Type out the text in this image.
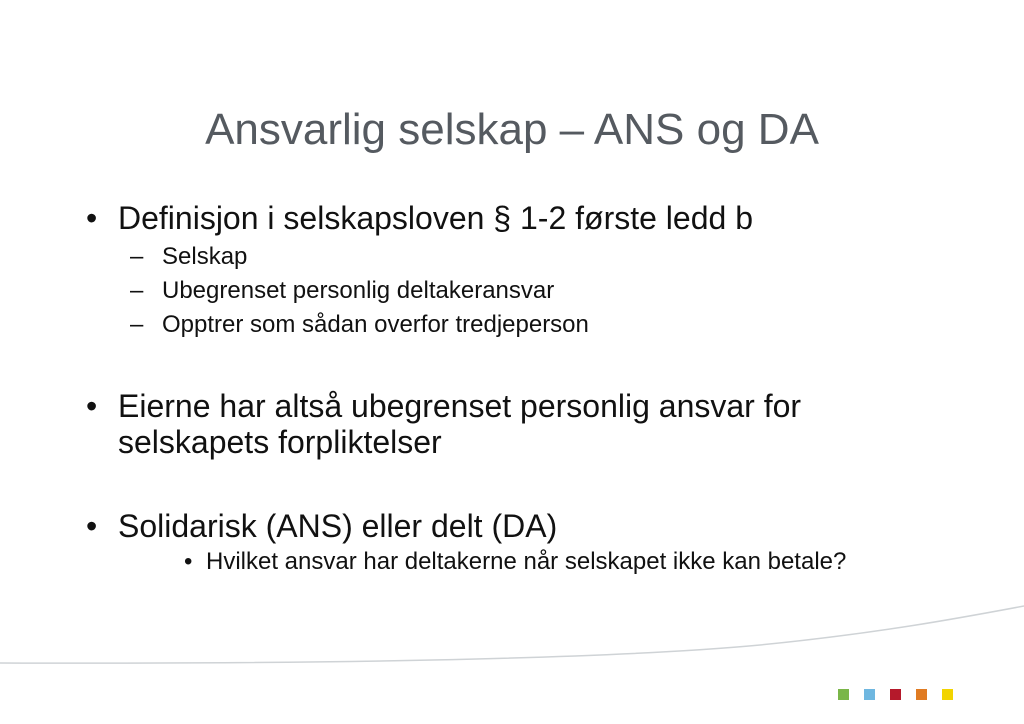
Ansvarlig selskap – ANS og DA
• Definisjon i selskapsloven § 1-2 første ledd b
– Selskap
– Ubegrenset personlig deltakeransvar
– Opptrer som sådan overfor tredjeperson
• Eierne har altså ubegrenset personlig ansvar for selskapets forpliktelser
• Solidarisk (ANS) eller delt (DA)
• Hvilket ansvar har deltakerne når selskapet ikke kan betale?
